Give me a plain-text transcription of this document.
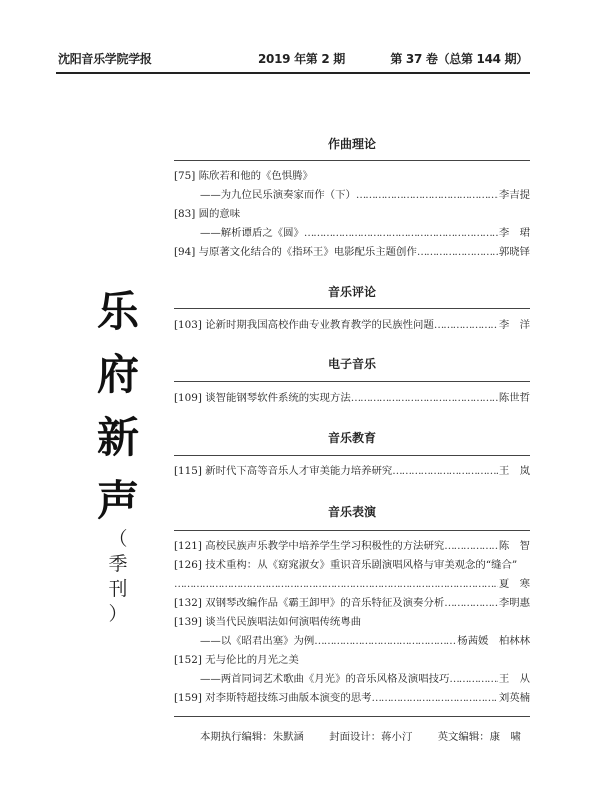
沈阳音乐学院学报	2019 年第 2 期	第 37 卷（总第 144 期）
乐
府
新
声
（
季
刊
）
作曲理论
[75] 陈欣若和他的《色惧腾》
——为九位民乐演奏家而作（下） ………………………………………………………………………………………………………………………………	李吉提
[83] 圆的意味
——解析谭盾之《圆》 ………………………………………………………………………………………………………………………………	李　珺
[94] 与原著文化结合的《指环王》电影配乐主题创作 ………………………………………………………………………………………………………………………………	郭晓铎
音乐评论
[103] 论新时期我国高校作曲专业教育教学的民族性问题 ………………………………………………………………………………………………………………………………	李　洋
电子音乐
[109] 谈智能钢琴软件系统的实现方法 ………………………………………………………………………………………………………………………………	陈世哲
音乐教育
[115] 新时代下高等音乐人才审美能力培养研究 ………………………………………………………………………………………………………………………………	王　岚
音乐表演
[121] 高校民族声乐教学中培养学生学习积极性的方法研究 ………………………………………………………………………………………………………………………………	陈　智
[126] 技术重构：从《窈窕淑女》重识音乐剧演唱风格与审美观念的“缝合”
………………………………………………………………………………………………………………………………
夏　寒
[132] 双钢琴改编作品《霸王卸甲》的音乐特征及演奏分析 ………………………………………………………………………………………………………………………………	李明惠
[139] 谈当代民族唱法如何演唱传统粤曲
——以《昭君出塞》为例 ………………………………………………………………………………………………………………………………	杨茜媛　柏林林
[152] 无与伦比的月光之美
——两首同词艺术歌曲《月光》的音乐风格及演唱技巧 ………………………………………………………………………………………………………………………………	王　从
[159] 对李斯特超技练习曲版本演变的思考 ………………………………………………………………………………………………………………………………	刘英楠
本期执行编辑：朱默涵 封面设计：蒋小汀 英文编辑：康　啸
